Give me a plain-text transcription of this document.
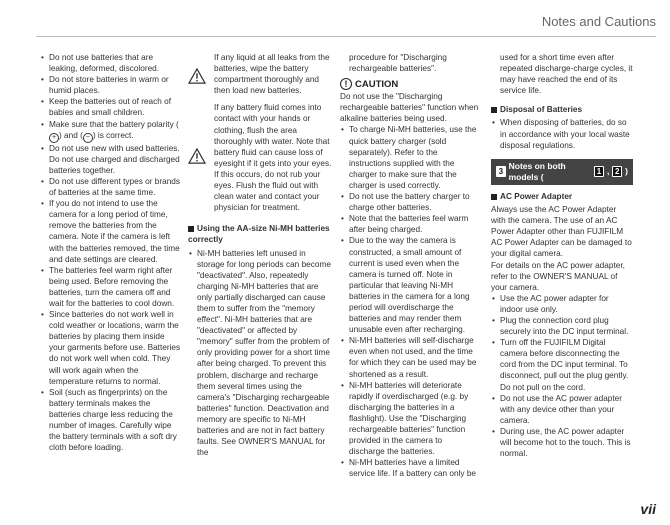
Notes and Cautions
• Do not use batteries that are leaking, deformed, discolored.
• Do not store batteries in warm or humid places.
• Keep the batteries out of reach of babies and small children.
• Make sure that the battery polarity (+ ) and ( − ) is correct.
• Do not use new with used batteries. Do not use charged and discharged batteries together.
• Do not use different types or brands of batteries at the same time.
• If you do not intend to use the camera for a long period of time, remove the batteries from the camera. Note if the camera is left with the batteries removed, the time and date settings are cleared.
• The batteries feel warm right after being used. Before removing the batteries, turn the camera off and wait for the batteries to cool down.
• Since batteries do not work well in cold weather or locations, warm the batteries by placing them inside your garments before use. Batteries do not work well when cold. They will work again when the temperature returns to normal.
• Soil (such as fingerprints) on the battery terminals makes the batteries charge less reducing the number of images. Carefully wipe the battery terminals with a soft dry cloth before loading.

If any liquid at all leaks from the batteries, wipe the battery compartment thoroughly and then load new batteries.

If any battery fluid comes into contact with your hands or clothing, flush the area thoroughly with water. Note that battery fluid can cause loss of eyesight if it gets into your eyes. If this occurs, do not rub your eyes. Flush the fluid out with clean water and contact your physician for treatment.

Using the AA-size Ni-MH batteries correctly
• Ni-MH batteries left unused in storage for long periods can become "deactivated". Also, repeatedly charging Ni-MH batteries that are only partially discharged can cause them to suffer from the "memory effect". Ni-MH batteries that are "deactivated" or affected by "memory" suffer from the problem of only providing power for a short time after being charged. To prevent this problem, discharge and recharge them several times using the camera's "Discharging rechargeable batteries" function. Deactivation and memory are specific to Ni-MH batteries and are not in fact battery faults. See OWNER'S MANUAL for the

procedure for "Discharging rechargeable batteries".

! CAUTION

Do not use the "Discharging rechargeable batteries" function when alkaline batteries being used.

• To charge Ni-MH batteries, use the quick battery charger (sold separately). Refer to the instructions supplied with the charger to make sure that the charger is used correctly.
• Do not use the battery charger to charge other batteries.
• Note that the batteries feel warm after being charged.
• Due to the way the camera is constructed, a small amount of current is used even when the camera is turned off. Note in particular that leaving Ni-MH batteries in the camera for a long period will overdischarge the batteries and may render them unusable even after recharging.
• Ni-MH batteries will self-discharge even when not used, and the time for which they can be used may be shortened as a result.
• Ni-MH batteries will deteriorate rapidly if overdischarged (e.g. by discharging the batteries in a flashlight). Use the "Discharging rechargeable batteries" function provided in the camera to discharge the batteries.
• Ni-MH batteries have a limited service life. If a battery can only be

used for a short time even after repeated discharge-charge cycles, it may have reached the end of its service life.

Disposal of Batteries
• When disposing of batteries, do so in accordance with your local waste disposal regulations.
3
Notes on both models (
1 , 2 )
AC Power Adapter

Always use the AC Power Adapter with the camera. The use of an AC Power Adapter other than FUJIFILM AC Power Adapter can be damaged to your digital camera.

For details on the AC power adapter, refer to the OWNER'S MANUAL of your camera.

• Use the AC power adapter for indoor use only.
• Plug the connection cord plug securely into the DC input terminal.
• Turn off the FUJIFILM Digital camera before disconnecting the cord from the DC input terminal. To disconnect, pull out the plug gently. Do not pull on the cord.
• Do not use the AC power adapter with any device other than your camera.
• During use, the AC power adapter will become hot to the touch. This is normal.
vii
